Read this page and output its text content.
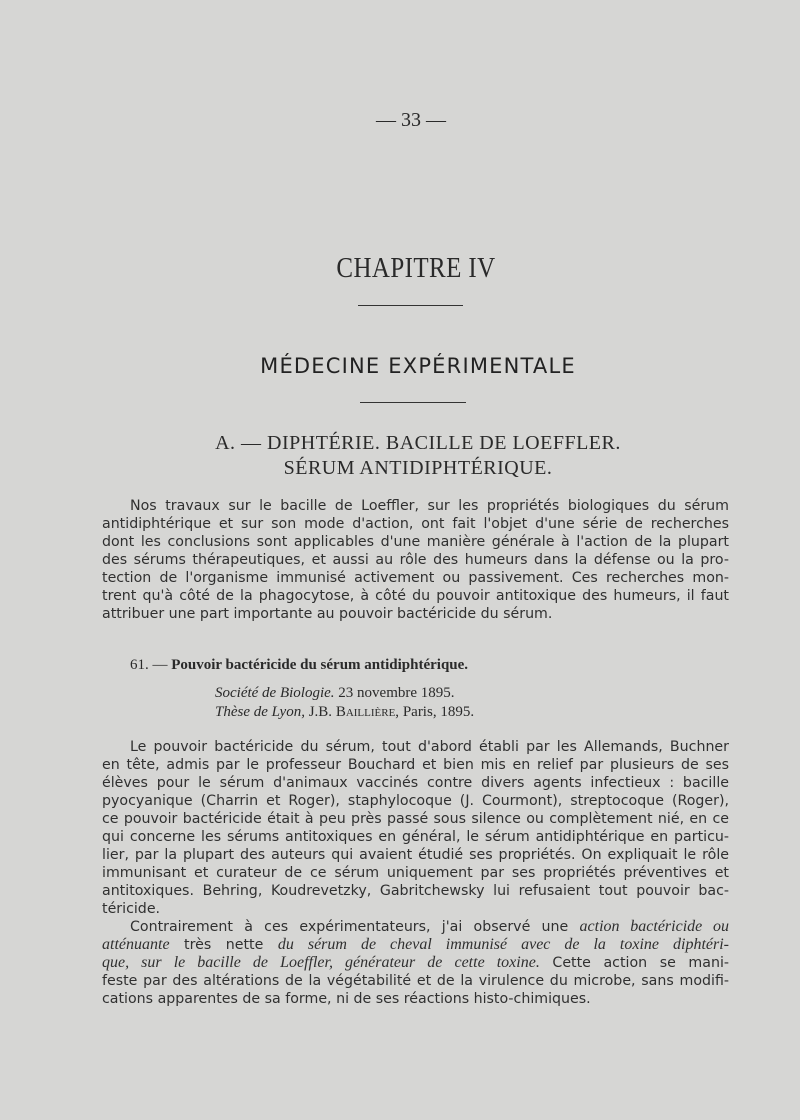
— 33 —
CHAPITRE IV
MÉDECINE EXPÉRIMENTALE
A. — DIPHTÉRIE. BACILLE DE LOEFFLER.
SÉRUM ANTIDIPHTÉRIQUE.
Nos travaux sur le bacille de Loeffler, sur les propriétés biologiques du sérum
antidiphtérique et sur son mode d'action, ont fait l'objet d'une série de recherches
dont les conclusions sont applicables d'une manière générale à l'action de la plupart
des sérums thérapeutiques, et aussi au rôle des humeurs dans la défense ou la pro-
tection de l'organisme immunisé activement ou passivement. Ces recherches mon-
trent qu'à côté de la phagocytose, à côté du pouvoir antitoxique des humeurs, il faut
attribuer une part importante au pouvoir bactéricide du sérum.
61. — Pouvoir bactéricide du sérum antidiphtérique.
Société de Biologie. 23 novembre 1895.
Thèse de Lyon, J.B. Baillière, Paris, 1895.
Le pouvoir bactéricide du sérum, tout d'abord établi par les Allemands, Buchner
en tête, admis par le professeur Bouchard et bien mis en relief par plusieurs de ses
élèves pour le sérum d'animaux vaccinés contre divers agents infectieux : bacille
pyocyanique (Charrin et Roger), staphylocoque (J. Courmont), streptocoque (Roger),
ce pouvoir bactéricide était à peu près passé sous silence ou complètement nié, en ce
qui concerne les sérums antitoxiques en général, le sérum antidiphtérique en particu-
lier, par la plupart des auteurs qui avaient étudié ses propriétés. On expliquait le rôle
immunisant et curateur de ce sérum uniquement par ses propriétés préventives et
antitoxiques. Behring, Koudrevetzky, Gabritchewsky lui refusaient tout pouvoir bac-
téricide.
Contrairement à ces expérimentateurs, j'ai observé une action bactéricide ou
atténuante très nette du sérum de cheval immunisé avec de la toxine diphtéri-
que, sur le bacille de Loeffler, générateur de cette toxine. Cette action se mani-
feste par des altérations de la végétabilité et de la virulence du microbe, sans modifi-
cations apparentes de sa forme, ni de ses réactions histo-chimiques.
